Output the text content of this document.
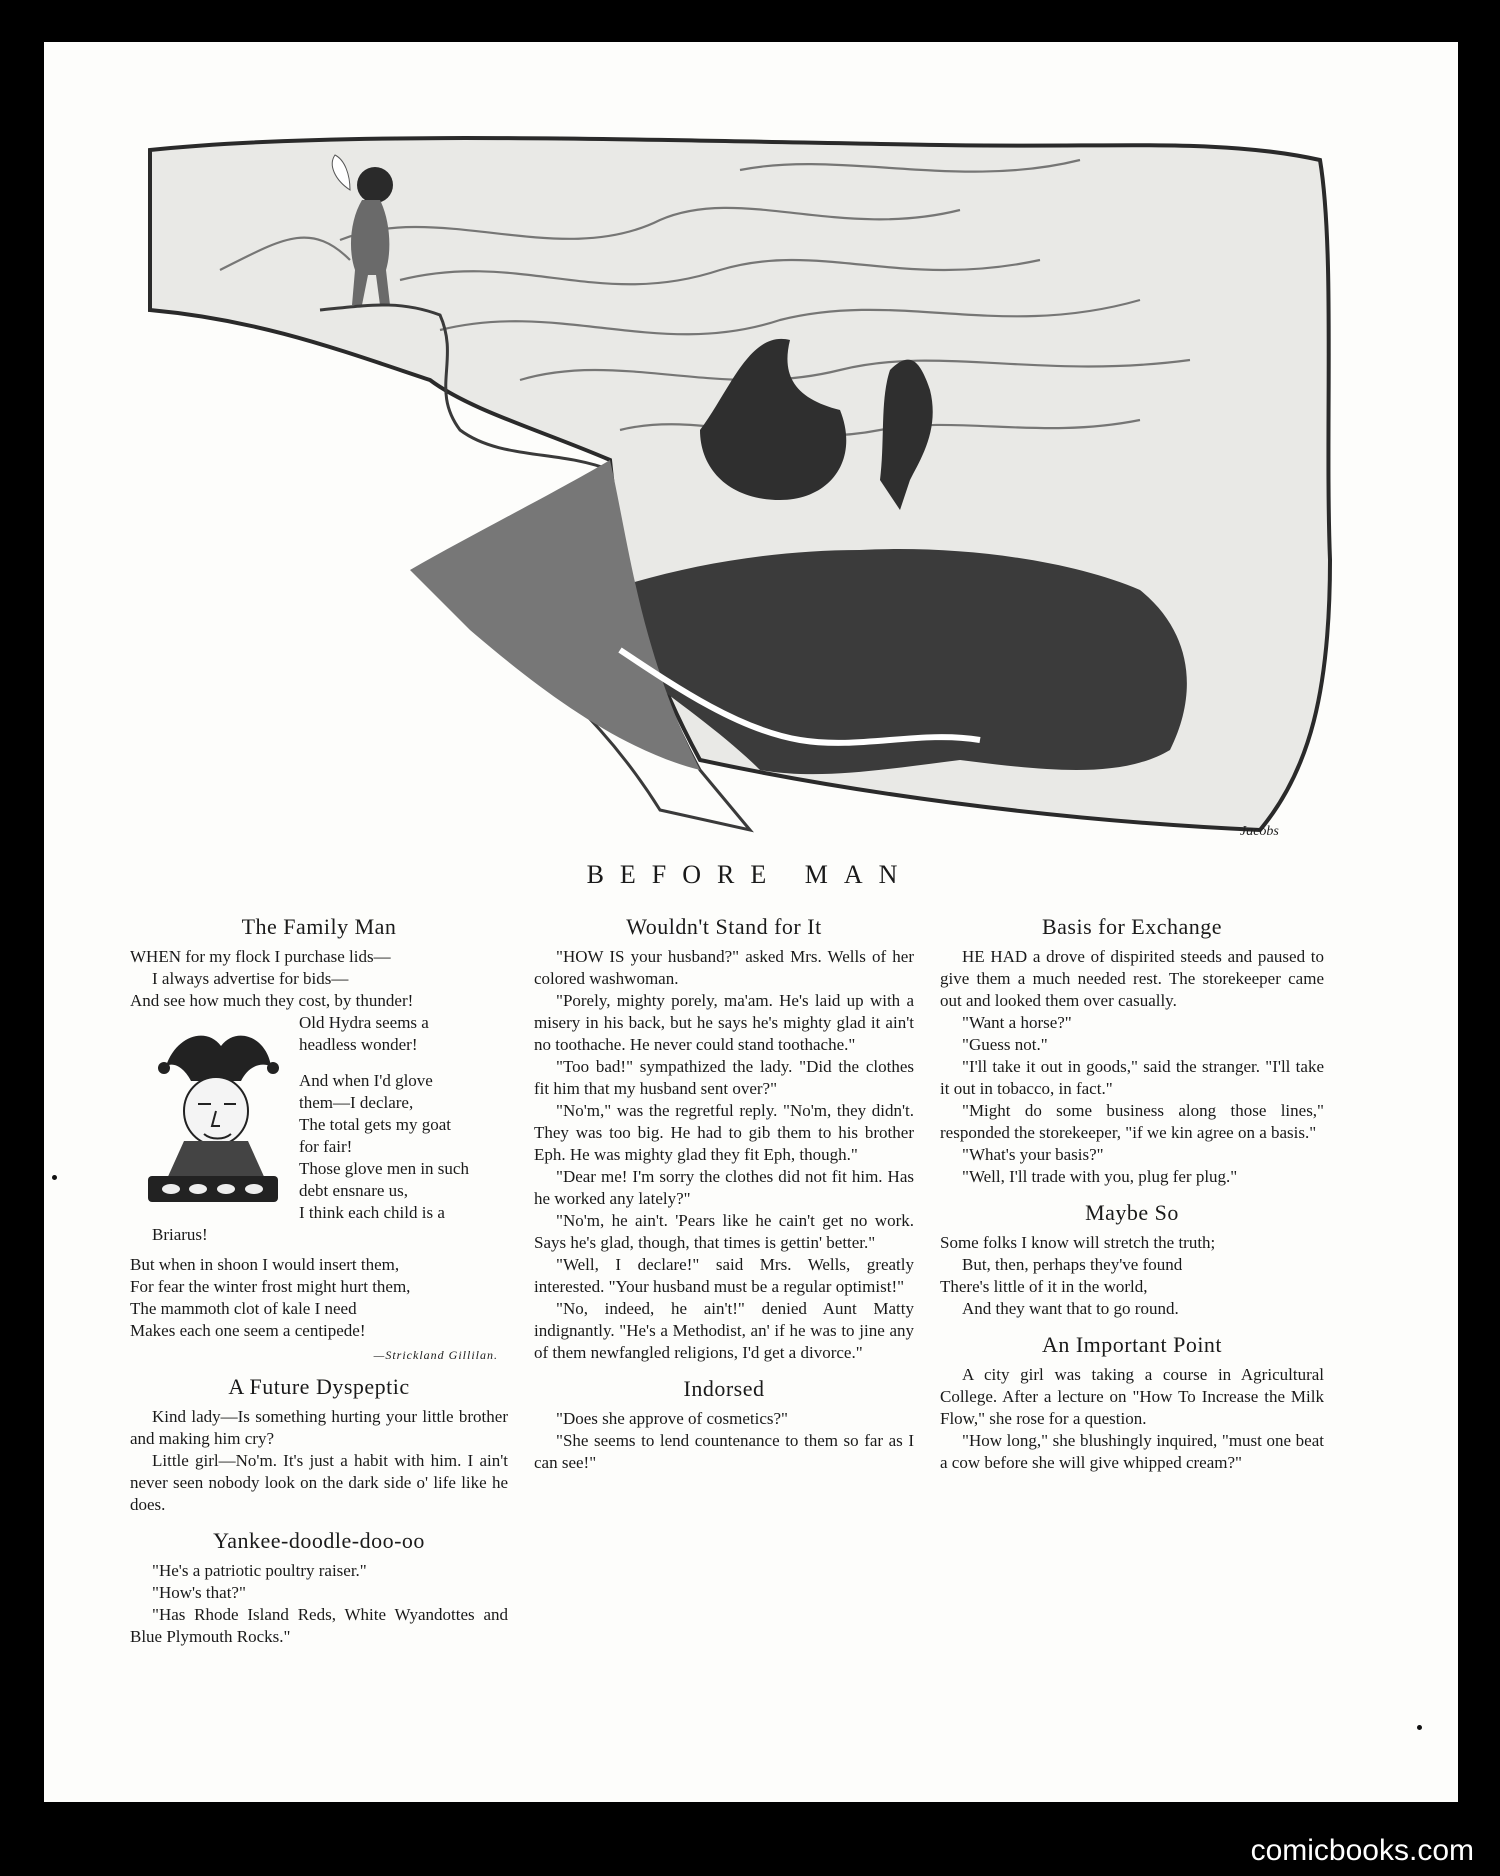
Jacobs
BEFORE MAN
The Family Man
WHEN for my flock I purchase lids—
I always advertise for bids—
And see how much they cost, by thunder!
Old Hydra seems a
headless wonder!
And when I'd glove
them—I declare,
The total gets my goat
for fair!
Those glove men in such
debt ensnare us,
I think each child is a
Briarus!
But when in shoon I would insert them,
For fear the winter frost might hurt them,
The mammoth clot of kale I need
Makes each one seem a centipede!
—Strickland Gillilan.
A Future Dyspeptic

Kind lady—Is something hurting your little brother and making him cry?

Little girl—No'm. It's just a habit with him. I ain't never seen nobody look on the dark side o' life like he does.

Yankee-doodle-doo-oo

"He's a patriotic poultry raiser."

"How's that?"

"Has Rhode Island Reds, White Wyandottes and Blue Plymouth Rocks."

Wouldn't Stand for It

"HOW IS your husband?" asked Mrs. Wells of her colored washwoman.

"Porely, mighty porely, ma'am. He's laid up with a misery in his back, but he says he's mighty glad it ain't no toothache. He never could stand toothache."

"Too bad!" sympathized the lady. "Did the clothes fit him that my husband sent over?"

"No'm," was the regretful reply. "No'm, they didn't. They was too big. He had to gib them to his brother Eph. He was mighty glad they fit Eph, though."

"Dear me! I'm sorry the clothes did not fit him. Has he worked any lately?"

"No'm, he ain't. 'Pears like he cain't get no work. Says he's glad, though, that times is gettin' better."

"Well, I declare!" said Mrs. Wells, greatly interested. "Your husband must be a regular optimist!"

"No, indeed, he ain't!" denied Aunt Matty indignantly. "He's a Methodist, an' if he was to jine any of them newfangled religions, I'd get a divorce."

Indorsed

"Does she approve of cosmetics?"

"She seems to lend countenance to them so far as I can see!"

Basis for Exchange

HE HAD a drove of dispirited steeds and paused to give them a much needed rest. The storekeeper came out and looked them over casually.

"Want a horse?"

"Guess not."

"I'll take it out in goods," said the stranger. "I'll take it out in tobacco, in fact."

"Might do some business along those lines," responded the storekeeper, "if we kin agree on a basis."

"What's your basis?"

"Well, I'll trade with you, plug fer plug."

Maybe So
Some folks I know will stretch the truth;
But, then, perhaps they've found
There's little of it in the world,
And they want that to go round.
An Important Point

A city girl was taking a course in Agricultural College. After a lecture on "How To Increase the Milk Flow," she rose for a question.

"How long," she blushingly inquired, "must one beat a cow before she will give whipped cream?"

comicbooks.com
